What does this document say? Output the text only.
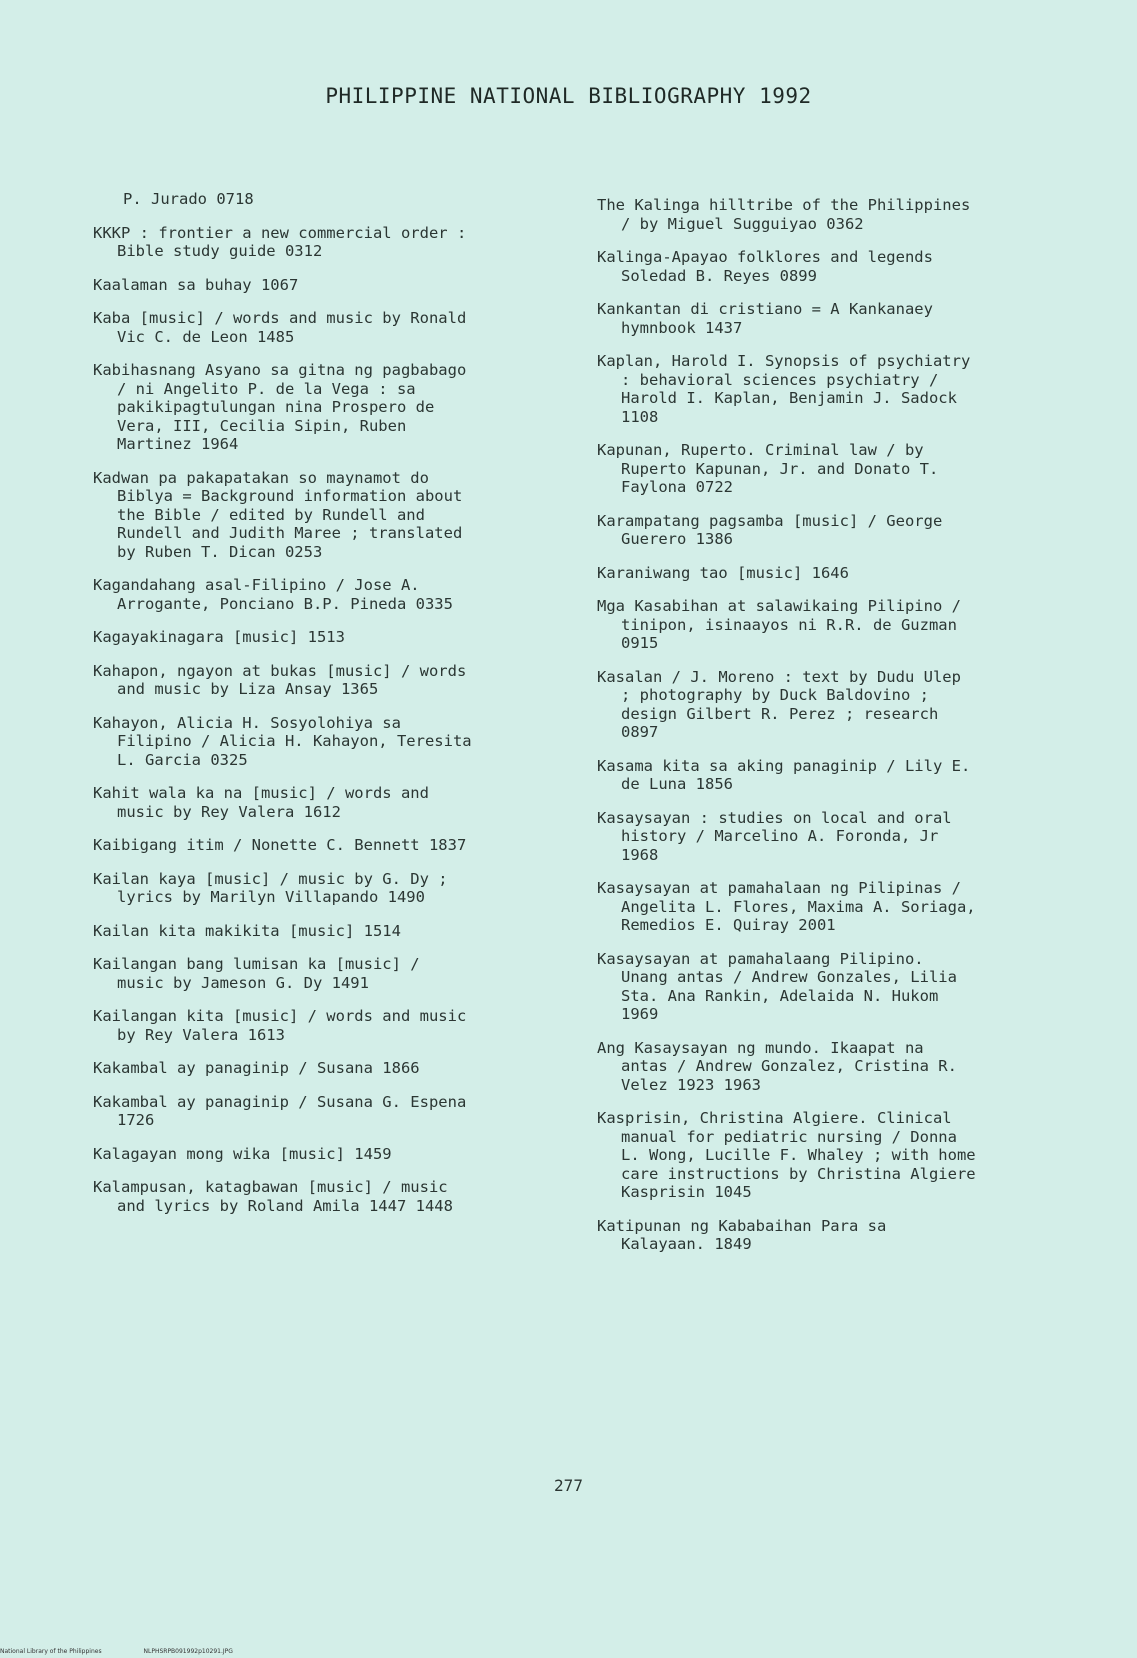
PHILIPPINE NATIONAL BIBLIOGRAPHY 1992

P. Jurado 0718

KKKP : frontier a new commercial order :
Bible study guide 0312

Kaalaman sa buhay 1067

Kaba [music] / words and music by Ronald
Vic C. de Leon 1485

Kabihasnang Asyano sa gitna ng pagbabago
/ ni Angelito P. de la Vega : sa
pakikipagtulungan nina Prospero de
Vera, III, Cecilia Sipin, Ruben
Martinez 1964

Kadwan pa pakapatakan so maynamot do
Biblya = Background information about
the Bible / edited by Rundell and
Rundell and Judith Maree ; translated
by Ruben T. Dican 0253

Kagandahang asal-Filipino / Jose A.
Arrogante, Ponciano B.P. Pineda 0335

Kagayakinagara [music] 1513

Kahapon, ngayon at bukas [music] / words
and music by Liza Ansay 1365

Kahayon, Alicia H. Sosyolohiya sa
Filipino / Alicia H. Kahayon, Teresita
L. Garcia 0325

Kahit wala ka na [music] / words and
music by Rey Valera 1612

Kaibigang itim / Nonette C. Bennett 1837

Kailan kaya [music] / music by G. Dy ;
lyrics by Marilyn Villapando 1490

Kailan kita makikita [music] 1514

Kailangan bang lumisan ka [music] /
music by Jameson G. Dy 1491

Kailangan kita [music] / words and music
by Rey Valera 1613

Kakambal ay panaginip / Susana 1866

Kakambal ay panaginip / Susana G. Espena
1726

Kalagayan mong wika [music] 1459

Kalampusan, katagbawan [music] / music
and lyrics by Roland Amila 1447 1448

The Kalinga hilltribe of the Philippines
/ by Miguel Sugguiyao 0362

Kalinga-Apayao folklores and legends
Soledad B. Reyes 0899

Kankantan di cristiano = A Kankanaey
hymnbook 1437

Kaplan, Harold I. Synopsis of psychiatry
: behavioral sciences psychiatry /
Harold I. Kaplan, Benjamin J. Sadock
1108

Kapunan, Ruperto. Criminal law / by
Ruperto Kapunan, Jr. and Donato T.
Faylona 0722

Karampatang pagsamba [music] / George
Guerero 1386

Karaniwang tao [music] 1646

Mga Kasabihan at salawikaing Pilipino /
tinipon, isinaayos ni R.R. de Guzman
0915

Kasalan / J. Moreno : text by Dudu Ulep
; photography by Duck Baldovino ;
design Gilbert R. Perez ; research
0897

Kasama kita sa aking panaginip / Lily E.
de Luna 1856

Kasaysayan : studies on local and oral
history / Marcelino A. Foronda, Jr
1968

Kasaysayan at pamahalaan ng Pilipinas /
Angelita L. Flores, Maxima A. Soriaga,
Remedios E. Quiray 2001

Kasaysayan at pamahalaang Pilipino.
Unang antas / Andrew Gonzales, Lilia
Sta. Ana Rankin, Adelaida N. Hukom
1969

Ang Kasaysayan ng mundo. Ikaapat na
antas / Andrew Gonzalez, Cristina R.
Velez 1923 1963

Kasprisin, Christina Algiere. Clinical
manual for pediatric nursing / Donna
L. Wong, Lucille F. Whaley ; with home
care instructions by Christina Algiere
Kasprisin 1045

Katipunan ng Kababaihan Para sa
Kalayaan. 1849

277
National Library of the Philippines	NLPHSRPB091992p10291.JPG
